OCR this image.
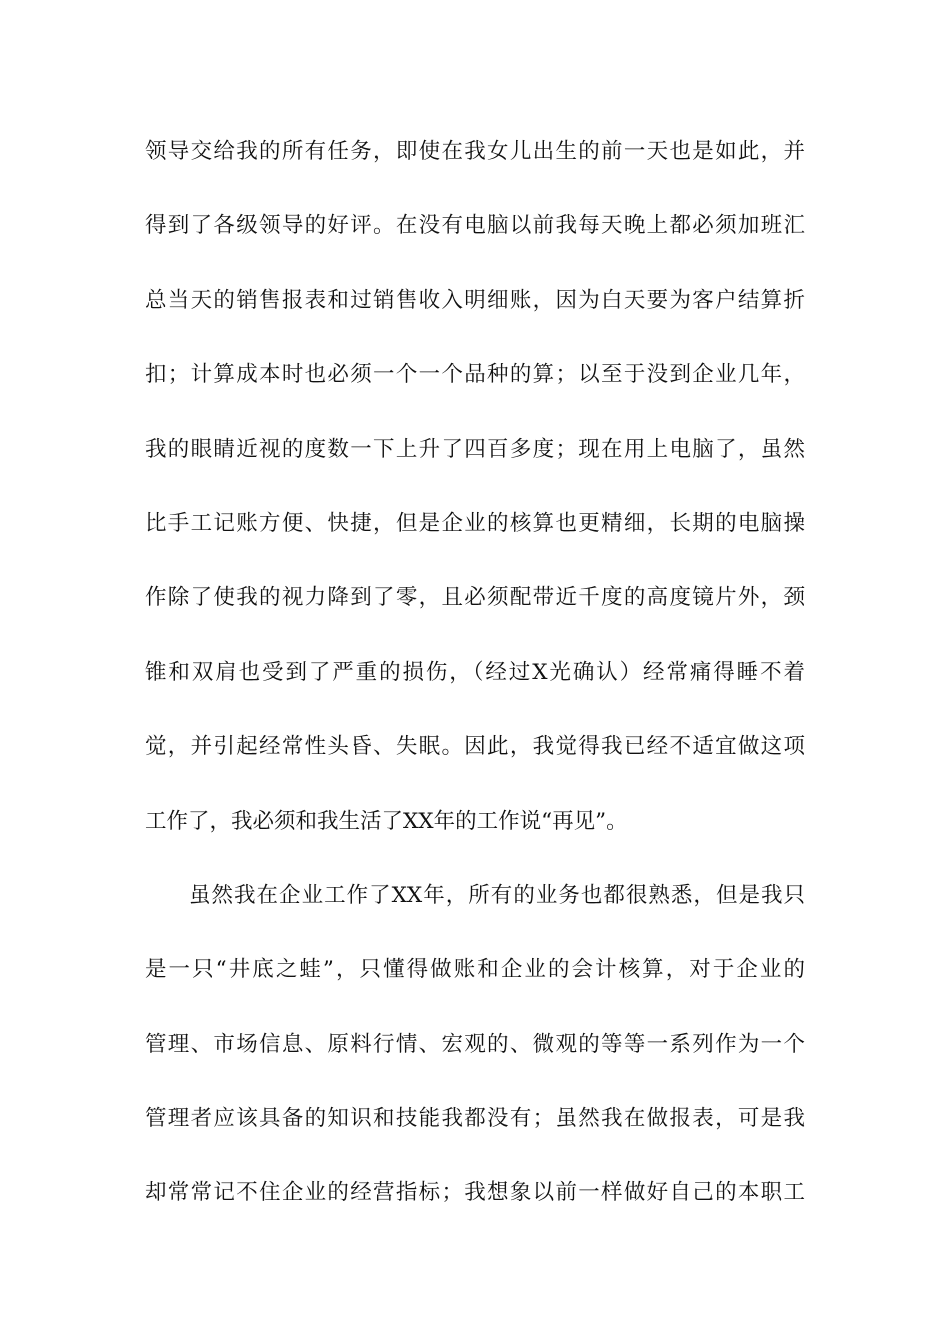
领导交给我的所有任务，即使在我女儿出生的前一天也是如此，并
得到了各级领导的好评。在没有电脑以前我每天晚上都必须加班汇
总当天的销售报表和过销售收入明细账，因为白天要为客户结算折
扣；计算成本时也必须一个一个品种的算；以至于没到企业几年，
我的眼睛近视的度数一下上升了四百多度；现在用上电脑了，虽然
比手工记账方便、快捷，但是企业的核算也更精细，长期的电脑操
作除了使我的视力降到了零，且必须配带近千度的高度镜片外，颈
锥和双肩也受到了严重的损伤，（经过X光确认）经常痛得睡不着
觉，并引起经常性头昏、失眠。因此，我觉得我已经不适宜做这项
工作了，我必须和我生活了XX年的工作说“再见”。
虽然我在企业工作了XX年，所有的业务也都很熟悉，但是我只
是一只“井底之蛙”，只懂得做账和企业的会计核算，对于企业的
管理、市场信息、原料行情、宏观的、微观的等等一系列作为一个
管理者应该具备的知识和技能我都没有；虽然我在做报表，可是我
却常常记不住企业的经营指标；我想象以前一样做好自己的本职工
